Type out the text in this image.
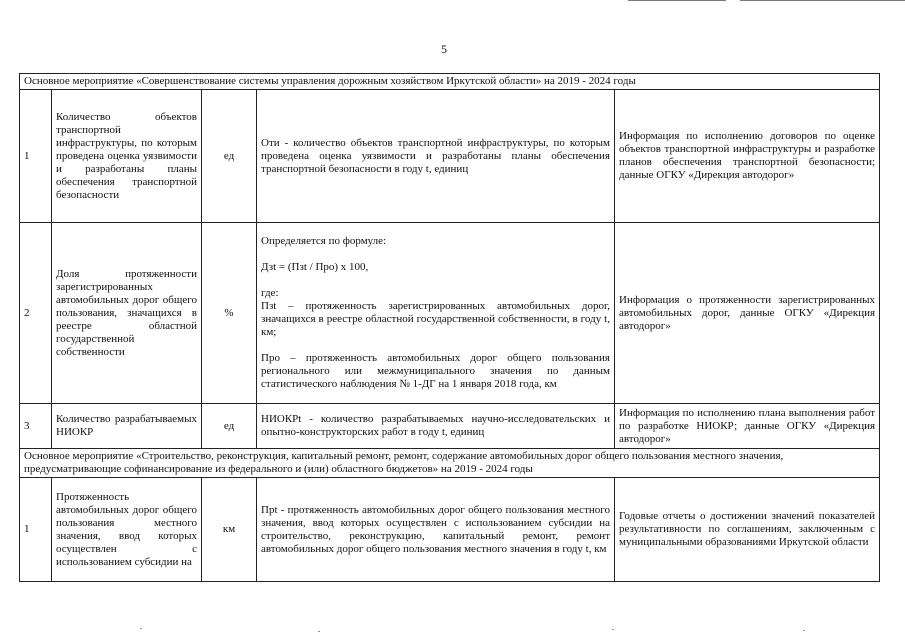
5
Основное мероприятие «Совершенствование системы управления дорожным хозяйством Иркутской области» на 2019 - 2024 годы				
1	Количество объектов транспортной инфраструктуры, по которым проведена оценка уязвимости и разработаны планы обеспечения транспортной безопасности	ед	Оти - количество объектов транспортной инфраструктуры, по которым проведена оценка уязвимости и разработаны планы обеспечения транспортной безопасности в году t, единиц	Информация по исполнению договоров по оценке объектов транспортной инфраструктуры и разработке планов обеспечения транспортной безопасности; данные ОГКУ «Дирекция автодорог»
2	Доля протяженности зарегистрированных автомобильных дорог общего пользования, значащихся в реестре областной государственной собственности	%	Определяется по формуле:

Дзt = (Пзt / Про) х 100,

где:

Пзt – протяженность зарегистрированных автомобильных дорог, значащихся в реестре областной государственной собственности, в году t, км;

Про – протяженность автомобильных дорог общего пользования регионального или межмуниципального значения по данным статистического наблюдения № 1-ДГ на 1 января 2018 года, км	Информация о протяженности зарегистрированных автомобильных дорог, данные ОГКУ «Дирекция автодорог»
3	Количество разрабатываемых НИОКР	ед	НИОКРt - количество разрабатываемых научно-исследовательских и опытно-конструкторских работ в году t, единиц	Информация по исполнению плана выполнения работ по разработке НИОКР; данные ОГКУ «Дирекция автодорог»
Основное мероприятие «Строительство, реконструкция, капитальный ремонт, ремонт, содержание автомобильных дорог общего пользования местного значения, предусматривающие софинансирование из федерального и (или) областного бюджетов» на 2019 - 2024 годы				
1	Протяженность автомобильных дорог общего пользования местного значения, ввод которых осуществлен с использованием субсидии на	км	Прt - протяженность автомобильных дорог общего пользования местного значения, ввод которых осуществлен с использованием субсидии на строительство, реконструкцию, капитальный ремонт, ремонт автомобильных дорог общего пользования местного значения в году t, км	Годовые отчеты о достижении значений показателей результативности по соглашениям, заключенным с муниципальными образованиями Иркутской области
